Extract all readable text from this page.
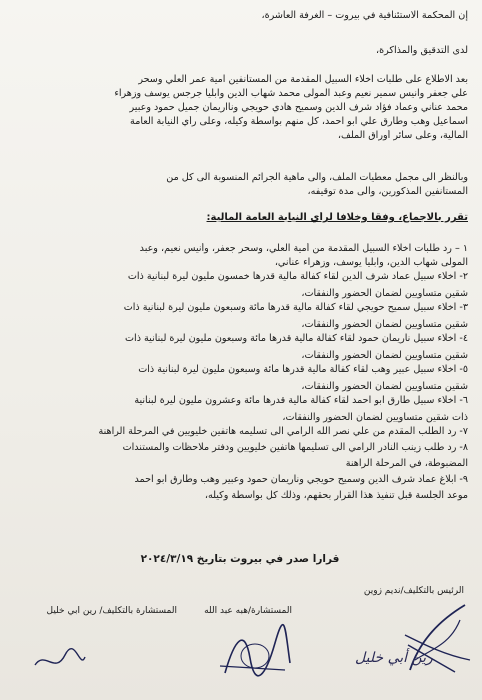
إن المحكمة الاستئنافية في بيروت – الغرفة العاشرة،
لدى التدقيق والمذاكرة،
بعد الاطلاع على طلبات اخلاء السبيل المقدمة من المستأنفين امية عمر العلي وسحر
علي جعفر وانيس سمير نعيم وعبد المولى محمد شهاب الدين وابليا جرجس يوسف وزهراء
محمد عناني وعماد فؤاد شرف الدين وسميح هادي حويجي ونااريمان جميل حمود وعبير
اسماعيل وهب وطارق علي ابو احمد، كل منهم بواسطة وكيله، وعلى رأي النيابة العامة
المالية، وعلى سائر أوراق الملف،
وبالنظر الى مجمل معطيات الملف، والى ماهية الجرائم المنسوبة الى كل من
المستأنفين المذكورين، والى مدة توقيفه،
تقرر بالاجماع، وفقا وخلافا لرأي النيابة العامة المالية:
١ – رد طلبات اخلاء السبيل المقدمة من أمية العلي، وسحر جعفر، وأنيس نعيم، وعبد
المولى شهاب الدين، وابليا يوسف، وزهراء عناني،
٢- اخلاء سبيل عماد شرف الدين لقاء كفالة مالية قدرها خمسون مليون ليرة لبنانية ذات
شقين متساويين لضمان الحضور والنفقات،
٣- اخلاء سبيل سميح حويجي لقاء كفالة مالية قدرها مائة وسبعون مليون ليرة لبنانية ذات
شقين متساويين لضمان الحضور والنفقات،
٤- اخلاء سبيل ناريمان حمود لقاء كفالة مالية قدرها مائة وسبعون مليون ليرة لبنانية ذات
شقين متساويين لضمان الحضور والنفقات،
٥- اخلاء سبيل عبير وهب لقاء كفالة مالية قدرها مائة وسبعون مليون ليرة لبنانية ذات
شقين متساويين لضمان الحضور والنفقات،
٦- اخلاء سبيل طارق ابو احمد لقاء كفالة مالية قدرها مائة وعشرون مليون ليرة لبنانية
ذات شقين متساويين لضمان الحضور والنفقات،
٧- رد الطلب المقدم من علي نصر الله الرامي الى تسليمه هاتفين خليويين في المرحلة الراهنة
٨- رد طلب زينب النادر الرامي الى تسليمها هاتفين خليويين ودفتر ملاحظات والمستندات
المضبوطة، في المرحلة الراهنة
٩- ابلاغ عماد شرف الدين وسميح حويجي وناريمان حمود وعبير وهب وطارق ابو احمد
موعد الجلسة قبل تنفيذ هذا القرار بحقهم، وذلك كل بواسطة وكيله،
قراراً صدر في بيروت بتاريخ ٢٠٢٤/٣/١٩
الرئيس بالتكليف/نديم زوين
المستشارة/هبه عبد الله
المستشارة بالتكليف/ رين ابي خليل
رين أبي خليل
